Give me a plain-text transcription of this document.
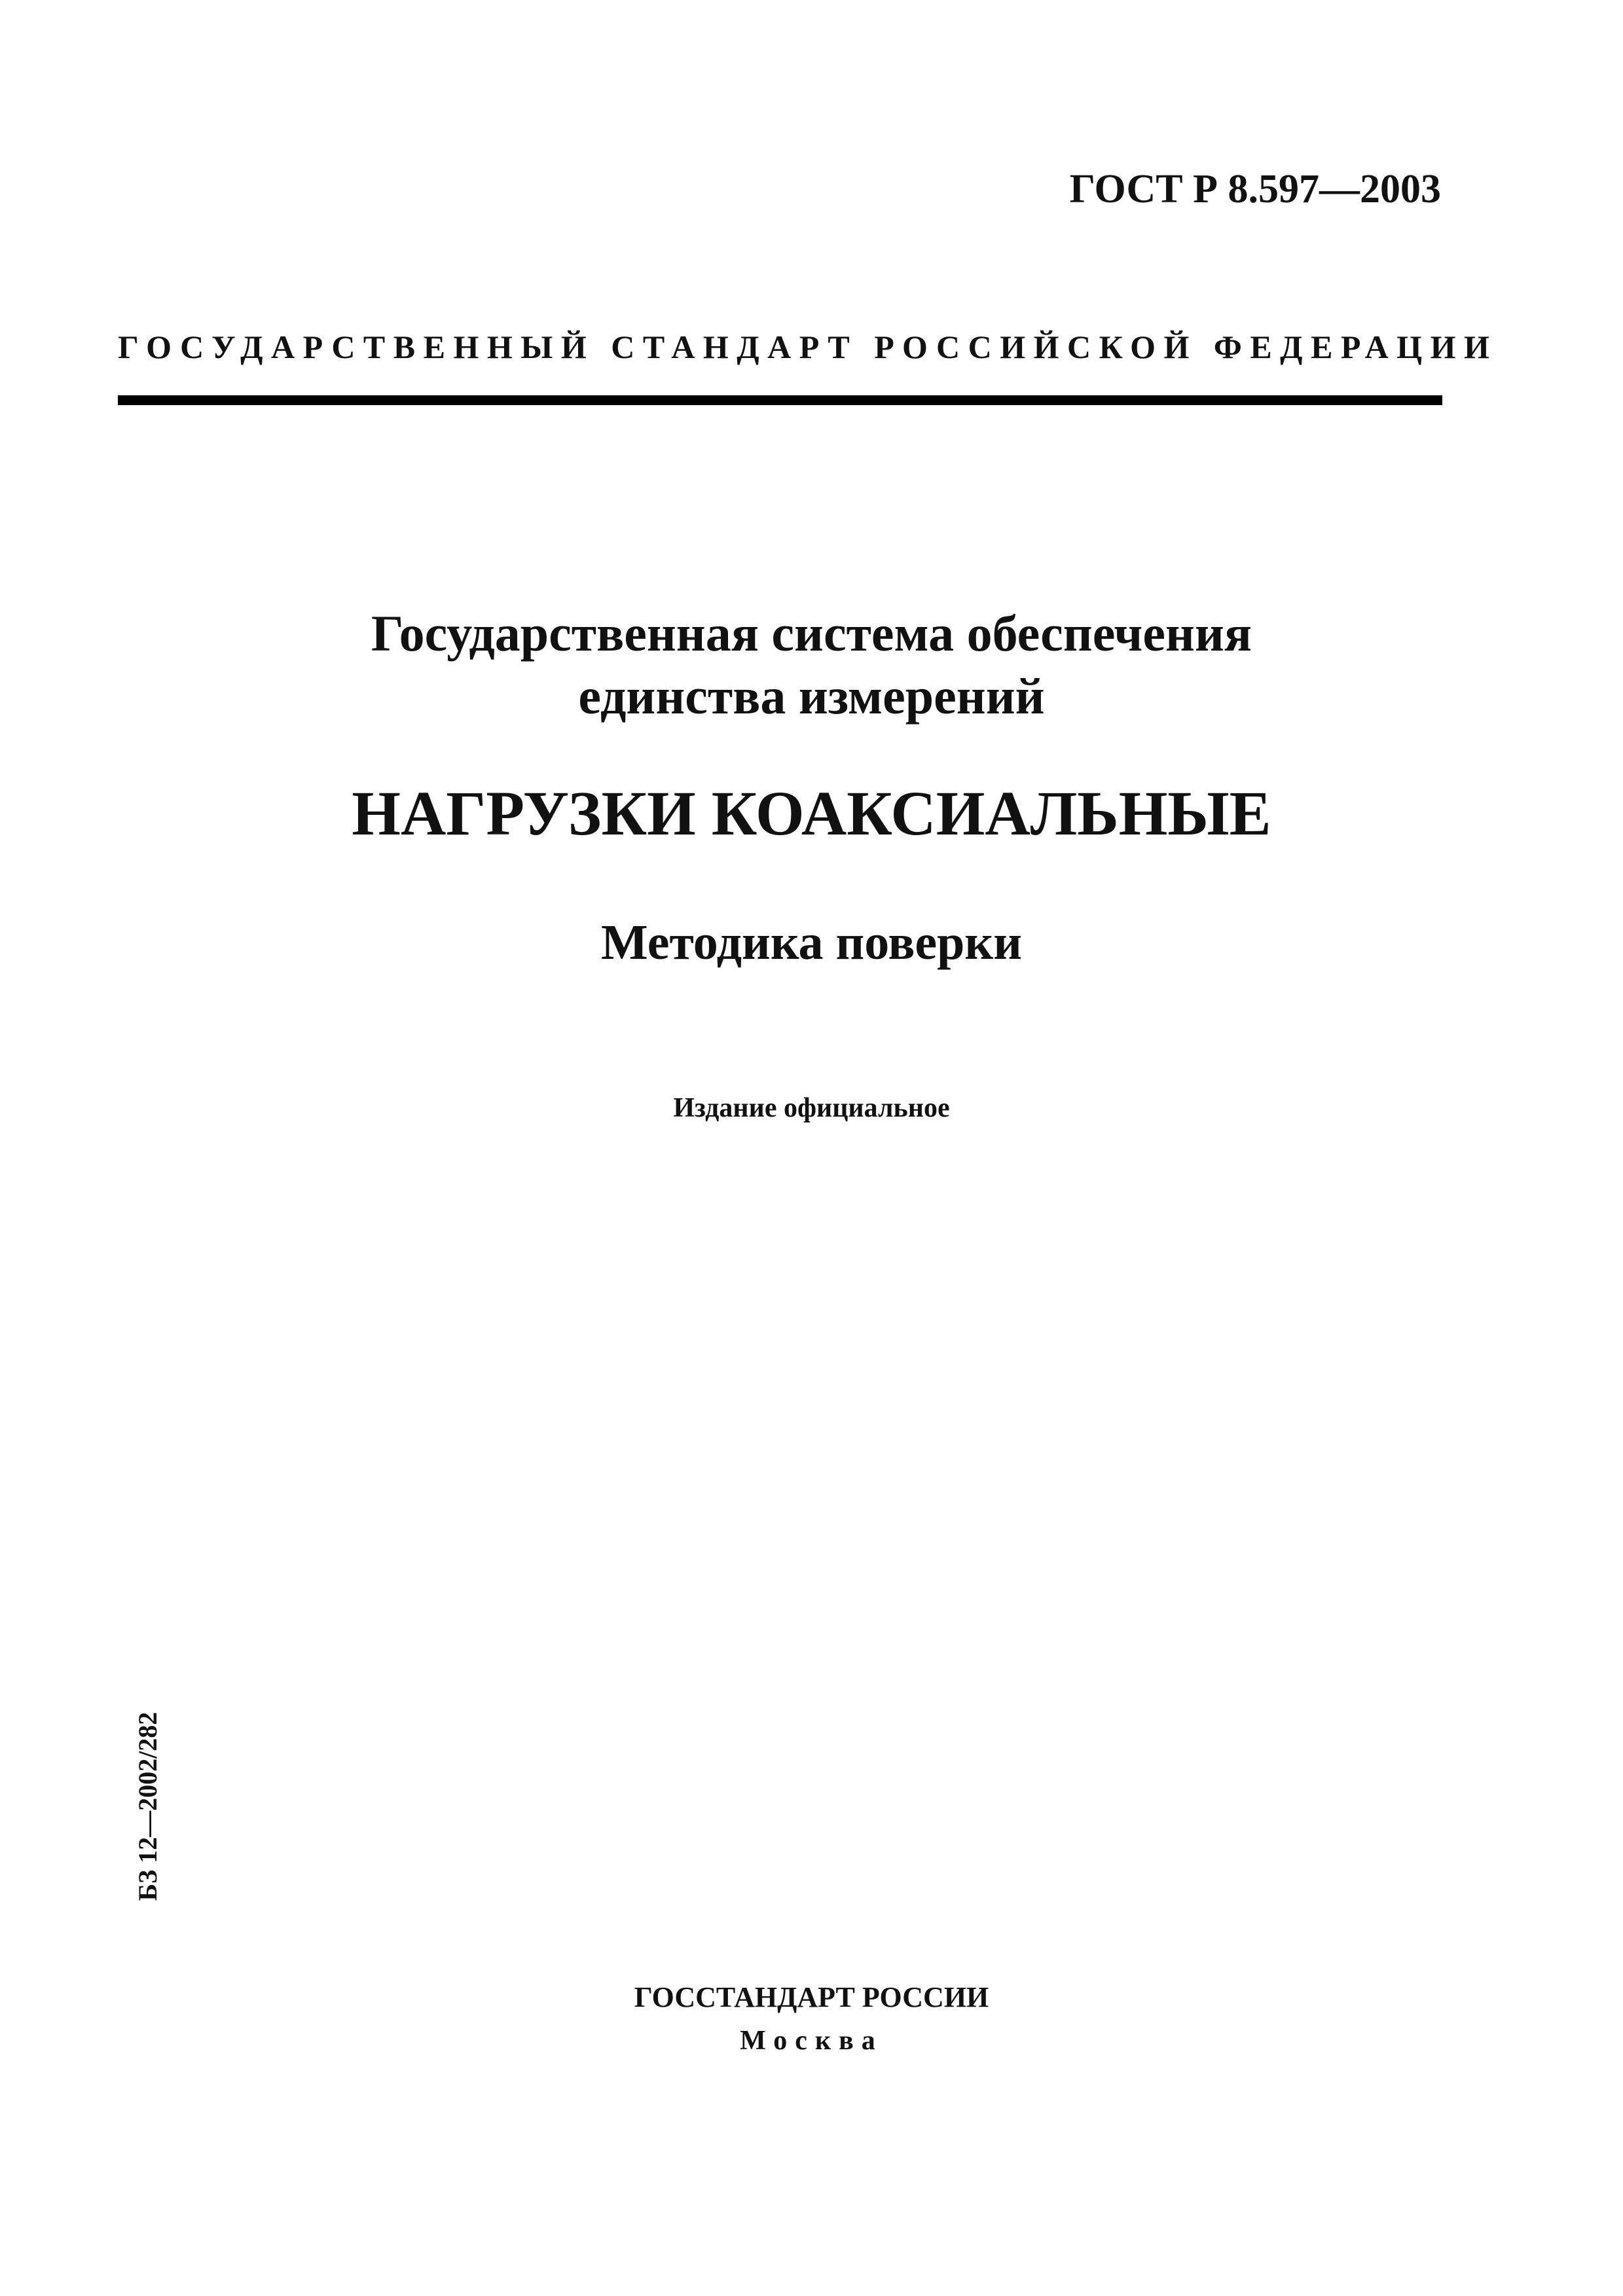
ГОСТ Р 8.597—2003
ГОСУДАРСТВЕННЫЙ СТАНДАРТ РОССИЙСКОЙ ФЕДЕРАЦИИ
Государственная система обеспечения
единства измерений
НАГРУЗКИ КОАКСИАЛЬНЫЕ
Методика поверки
Издание официальное
БЗ 12—2002/282
ГОССТАНДАРТ РОССИИ
Москва
